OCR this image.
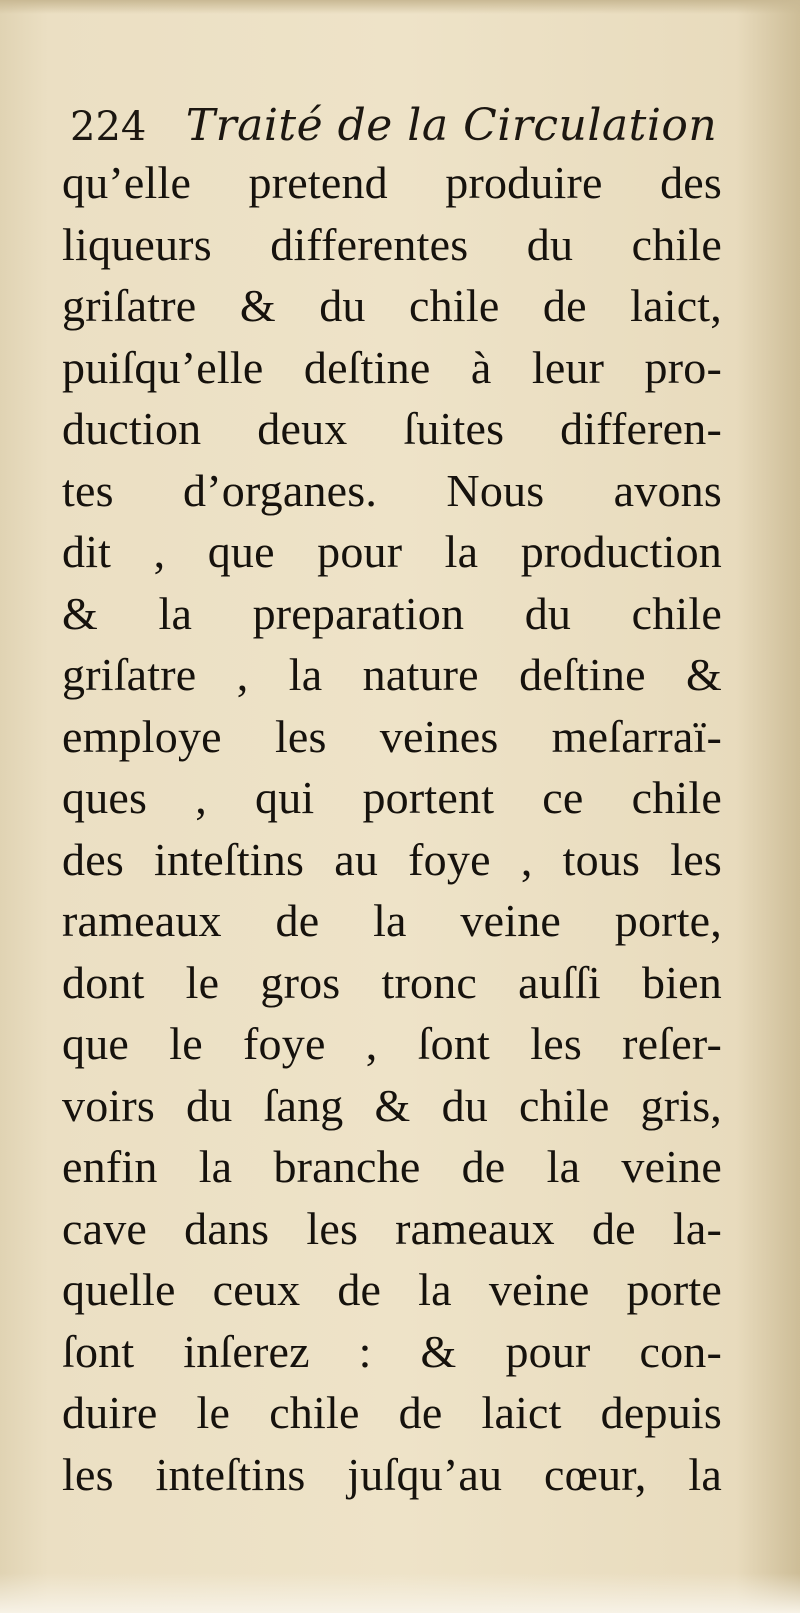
224 Traité de la Circulation
qu’elle pretend produire des
liqueurs differentes du chile
griſatre & du chile de laict,
puiſqu’elle deſtine à leur pro-
duction deux ſuites differen-
tes d’organes. Nous avons
dit , que pour la production
& la preparation du chile
griſatre , la nature deſtine &
employe les veines meſarraï-
ques , qui portent ce chile
des inteſtins au foye , tous les
rameaux de la veine porte,
dont le gros tronc auſſi bien
que le foye , ſont les reſer-
voirs du ſang & du chile gris,
enfin la branche de la veine
cave dans les rameaux de la-
quelle ceux de la veine porte
ſont inſerez : & pour con-
duire le chile de laict depuis
les inteſtins juſqu’au cœur, la
